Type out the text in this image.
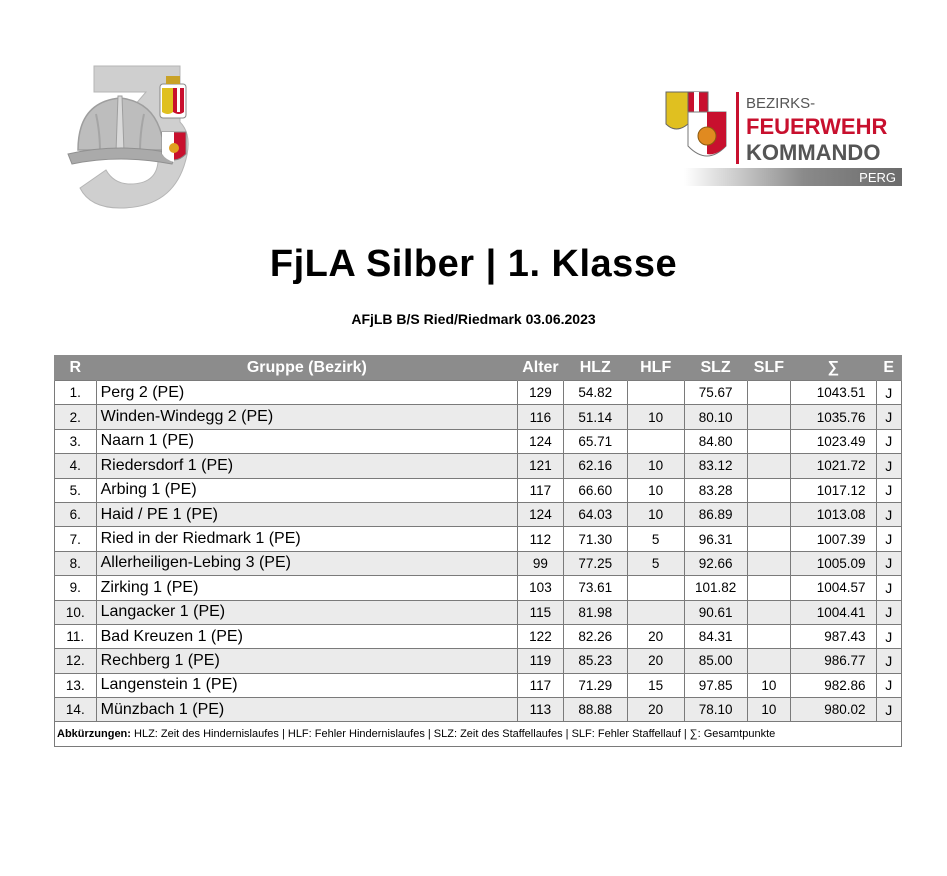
BEZIRKS-
FEUERWEHR
KOMMANDO
PERG
FjLA Silber | 1. Klasse
AFjLB B/S Ried/Riedmark 03.06.2023
R	Gruppe (Bezirk)	Alter	HLZ	HLF	SLZ	SLF	∑	E
1.	Perg 2 (PE)	129	54.82		75.67		1043.51	J
2.	Winden-Windegg 2 (PE)	116	51.14	10	80.10		1035.76	J
3.	Naarn 1 (PE)	124	65.71		84.80		1023.49	J
4.	Riedersdorf 1 (PE)	121	62.16	10	83.12		1021.72	J
5.	Arbing 1 (PE)	117	66.60	10	83.28		1017.12	J
6.	Haid / PE 1 (PE)	124	64.03	10	86.89		1013.08	J
7.	Ried in der Riedmark 1 (PE)	112	71.30	5	96.31		1007.39	J
8.	Allerheiligen-Lebing 3 (PE)	99	77.25	5	92.66		1005.09	J
9.	Zirking 1 (PE)	103	73.61		101.82		1004.57	J
10.	Langacker 1 (PE)	115	81.98		90.61		1004.41	J
11.	Bad Kreuzen 1 (PE)	122	82.26	20	84.31		987.43	J
12.	Rechberg 1 (PE)	119	85.23	20	85.00		986.77	J
13.	Langenstein 1 (PE)	117	71.29	15	97.85	10	982.86	J
14.	Münzbach 1 (PE)	113	88.88	20	78.10	10	980.02	J
Abkürzungen: HLZ: Zeit des Hindernislaufes | HLF: Fehler Hindernislaufes | SLZ: Zeit des Staffellaufes | SLF: Fehler Staffellauf | ∑: Gesamtpunkte								
